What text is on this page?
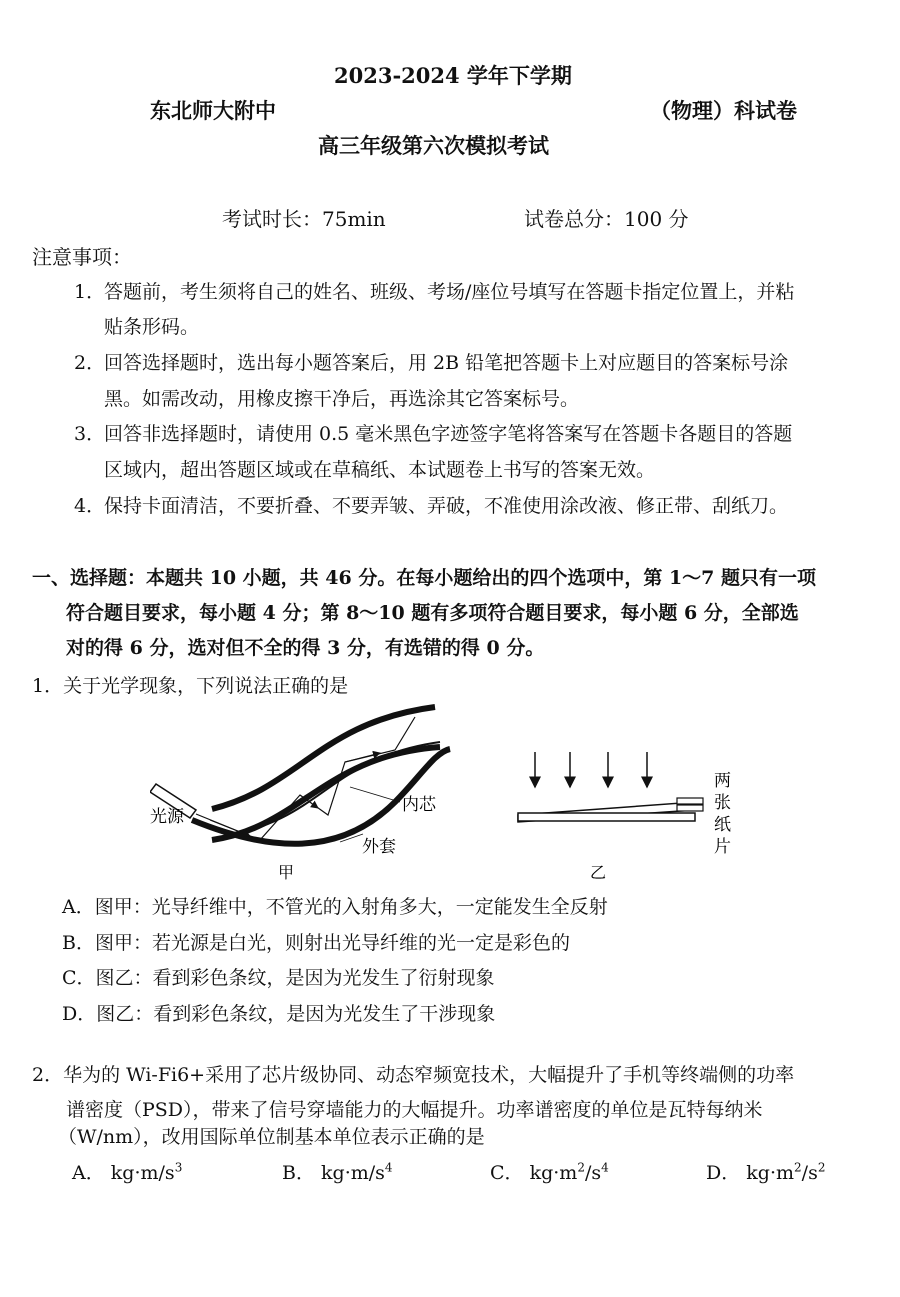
2023-2024 学年下学期
东北师大附中	（物理）科试卷
高三年级第六次模拟考试
考试时长：75min	试卷总分：100 分
注意事项：
1．
答题前，考生须将自己的姓名、班级、考场/座位号填写在答题卡指定位置上，并粘
贴条形码。
2．
回答选择题时，选出每小题答案后，用 2B 铅笔把答题卡上对应题目的答案标号涂
黑。如需改动，用橡皮擦干净后，再选涂其它答案标号。
3．
回答非选择题时，请使用 0.5 毫米黑色字迹签字笔将答案写在答题卡各题目的答题
区域内，超出答题区域或在草稿纸、本试题卷上书写的答案无效。
4．
保持卡面清洁，不要折叠、不要弄皱、弄破，不准使用涂改液、修正带、刮纸刀。
一、选择题：本题共 10 小题，共 46 分。在每小题给出的四个选项中，第 1～7 题只有一项
符合题目要求，每小题 4 分；第 8～10 题有多项符合题目要求，每小题 6 分，全部选
对的得 6 分，选对但不全的得 3 分，有选错的得 0 分。
1．关于光学现象，下列说法正确的是
光源
内芯
外套
甲	乙
两
张
纸
片
A．图甲：光导纤维中，不管光的入射角多大，一定能发生全反射
B．图甲：若光源是白光，则射出光导纤维的光一定是彩色的
C．图乙：看到彩色条纹，是因为光发生了衍射现象
D．图乙：看到彩色条纹，是因为光发生了干涉现象
2．华为的 Wi-Fi6+采用了芯片级协同、动态窄频宽技术，大幅提升了手机等终端侧的功率
谱密度（PSD），带来了信号穿墙能力的大幅提升。功率谱密度的单位是瓦特每纳米
（W/nm），改用国际单位制基本单位表示正确的是
A． $kg\cdot m/s^3$	B． $kg\cdot m/s^4$	C． $kg\cdot m^2/s^4$	D． $kg\cdot m^2/s^2$
